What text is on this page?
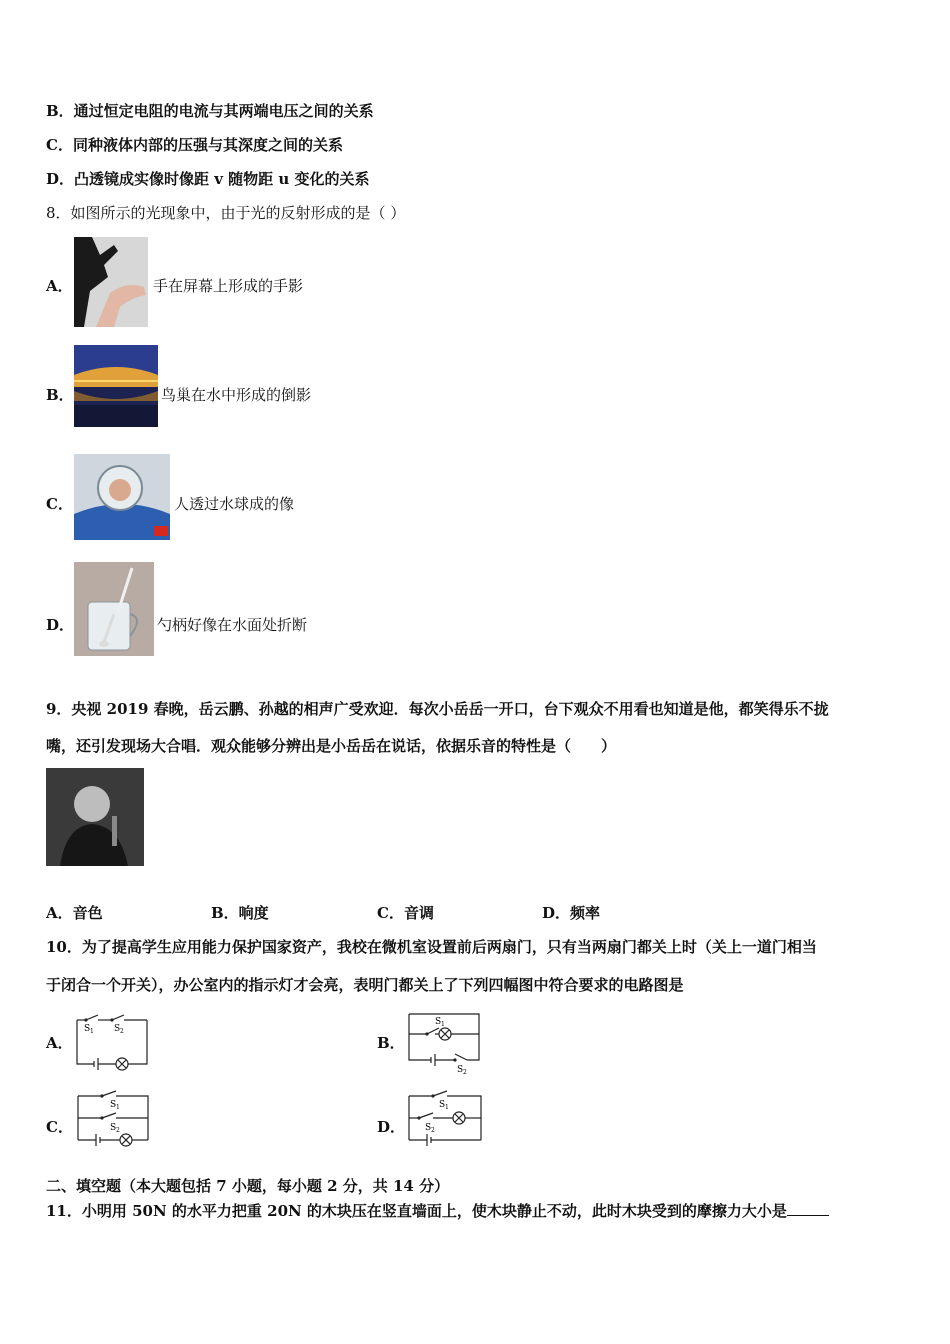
B．通过恒定电阻的电流与其两端电压之间的关系
C．同种液体内部的压强与其深度之间的关系
D．凸透镜成实像时像距 v 随物距 u 变化的关系
8．如图所示的光现象中，由于光的反射形成的是（ ）
A．	手在屏幕上形成的手影
B．	鸟巢在水中形成的倒影
C．	人透过水球成的像
D．	勺柄好像在水面处折断
9．央视 2019 春晚，岳云鹏、孙越的相声广受欢迎．每次小岳岳一开口，台下观众不用看也知道是他，都笑得乐不拢
嘴，还引发现场大合唱．观众能够分辨出是小岳岳在说话，依据乐音的特性是（　　）
A．音色	B．响度	C．音调	D．频率
10．为了提高学生应用能力保护国家资产，我校在微机室设置前后两扇门，只有当两扇门都关上时（关上一道门相当
于闭合一个开关），办公室内的指示灯才会亮，表明门都关上了下列四幅图中符合要求的电路图是
A．
S 1 S 2
B．
S 1
S 2
C．
S 1
S 2	D．
S 1
S 2
二、填空题（本大题包括 7 小题，每小题 2 分，共 14 分）
11．小明用 50N 的水平力把重 20N 的木块压在竖直墙面上，使木块静止不动，此时木块受到的摩擦力大小是
